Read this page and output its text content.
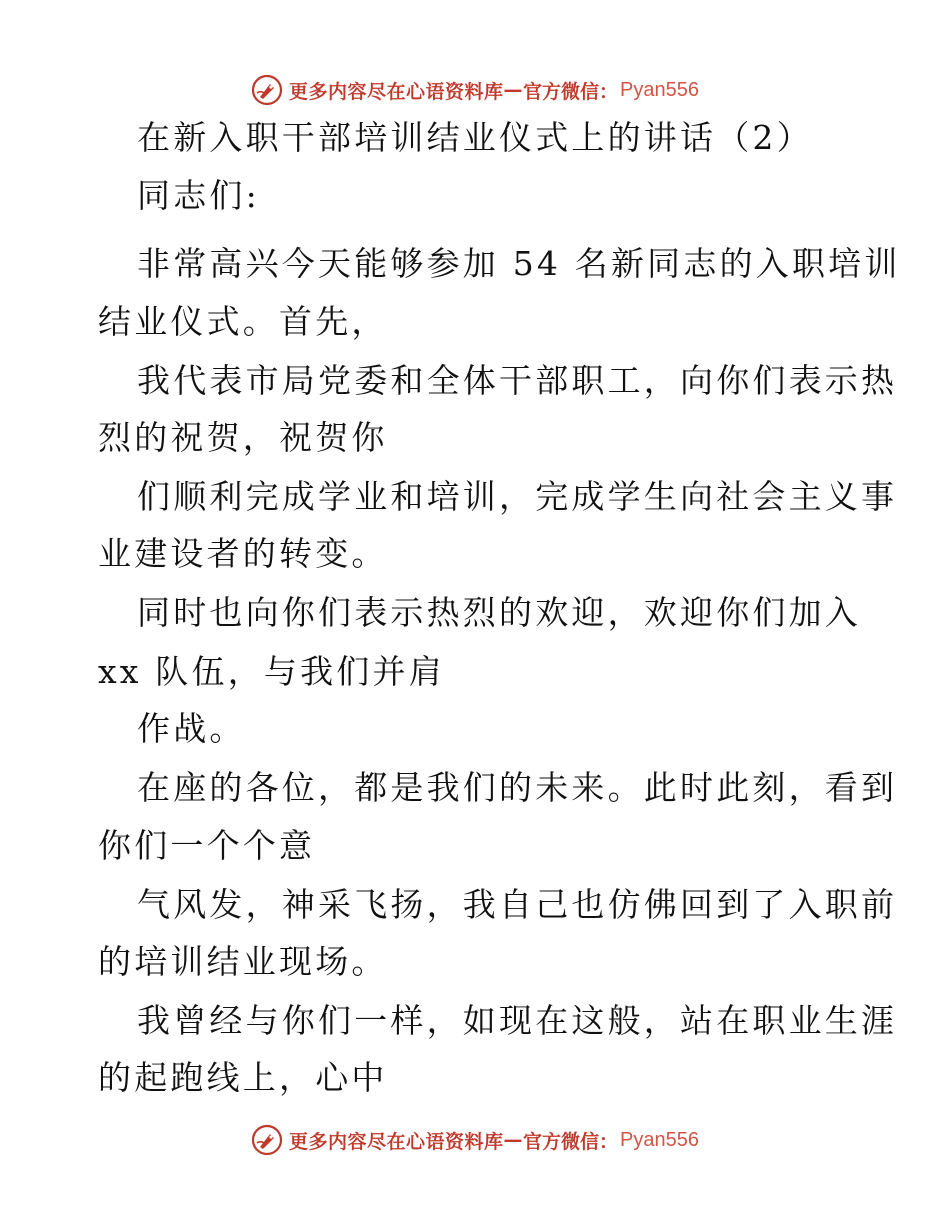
更多内容尽在心语资料库 — 官方微信： Pyan556
在新入职干部培训结业仪式上的讲话（2）
同志们:
非常高兴今天能够参加 54 名新同志的入职培训
结业仪式。首先，
我代表市局党委和全体干部职工，向你们表示热
烈的祝贺，祝贺你
们顺利完成学业和培训，完成学生向社会主义事
业建设者的转变。
同时也向你们表示热烈的欢迎，欢迎你们加入
xx 队伍，与我们并肩
作战。
在座的各位，都是我们的未来。此时此刻，看到
你们一个个意
气风发，神采飞扬，我自己也仿佛回到了入职前
的培训结业现场。
我曾经与你们一样，如现在这般，站在职业生涯
的起跑线上，心中
更多内容尽在心语资料库 — 官方微信： Pyan556
